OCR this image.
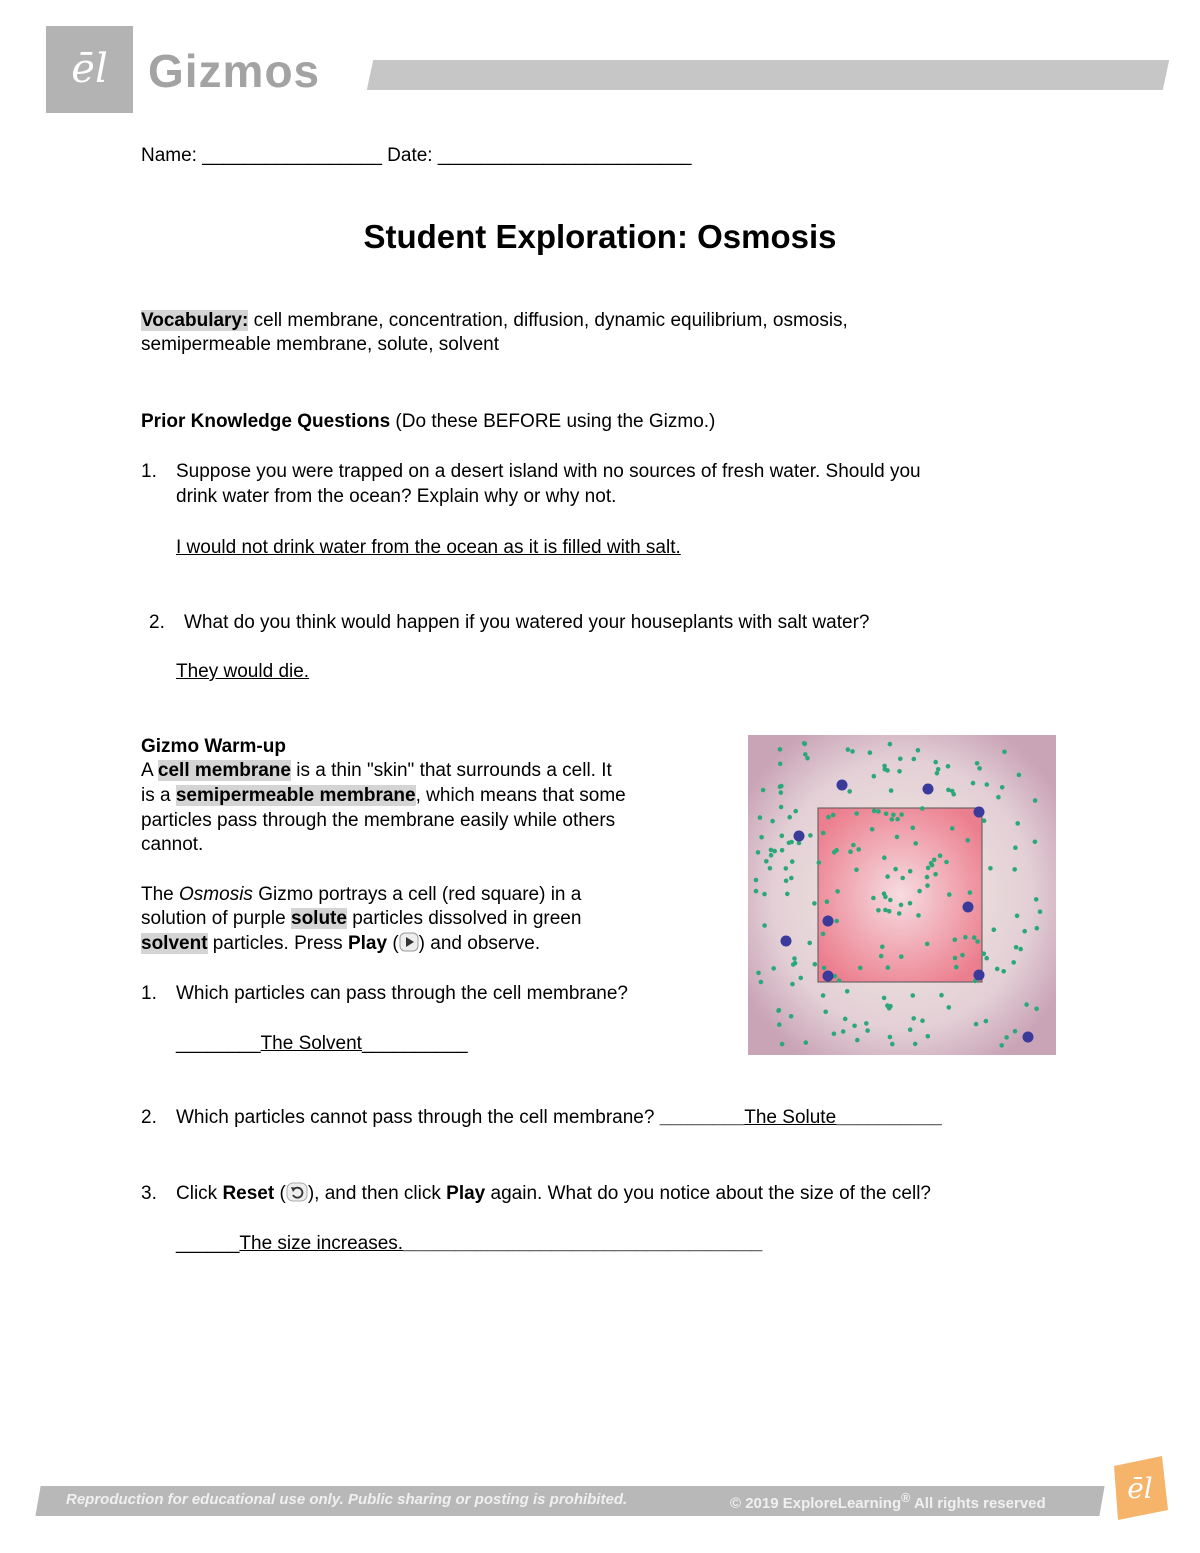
ēl Gizmos
Name: _________________ Date: ________________________
Student Exploration: Osmosis
Vocabulary: cell membrane, concentration, diffusion, dynamic equilibrium, osmosis,
semipermeable membrane, solute, solvent
Prior Knowledge Questions (Do these BEFORE using the Gizmo.)
1. Suppose you were trapped on a desert island with no sources of fresh water. Should you
drink water from the ocean? Explain why or why not.
I would not drink water from the ocean as it is filled with salt.
2. What do you think would happen if you watered your houseplants with salt water?
They would die.
Gizmo Warm-up
A cell membrane is a thin "skin" that surrounds a cell. It
is a semipermeable membrane, which means that some
particles pass through the membrane easily while others
cannot.
The Osmosis Gizmo portrays a cell (red square) in a
solution of purple solute particles dissolved in green
solvent particles. Press Play ( ) and observe.
1. Which particles can pass through the cell membrane?
________The Solvent__________
2. Which particles cannot pass through the cell membrane? ________The Solute__________
3. Click Reset ( ), and then click Play again. What do you notice about the size of the cell?
______The size increases.__________________________________
Reproduction for educational use only. Public sharing or posting is prohibited.	© 2019 ExploreLearning® All rights reserved	ēl
